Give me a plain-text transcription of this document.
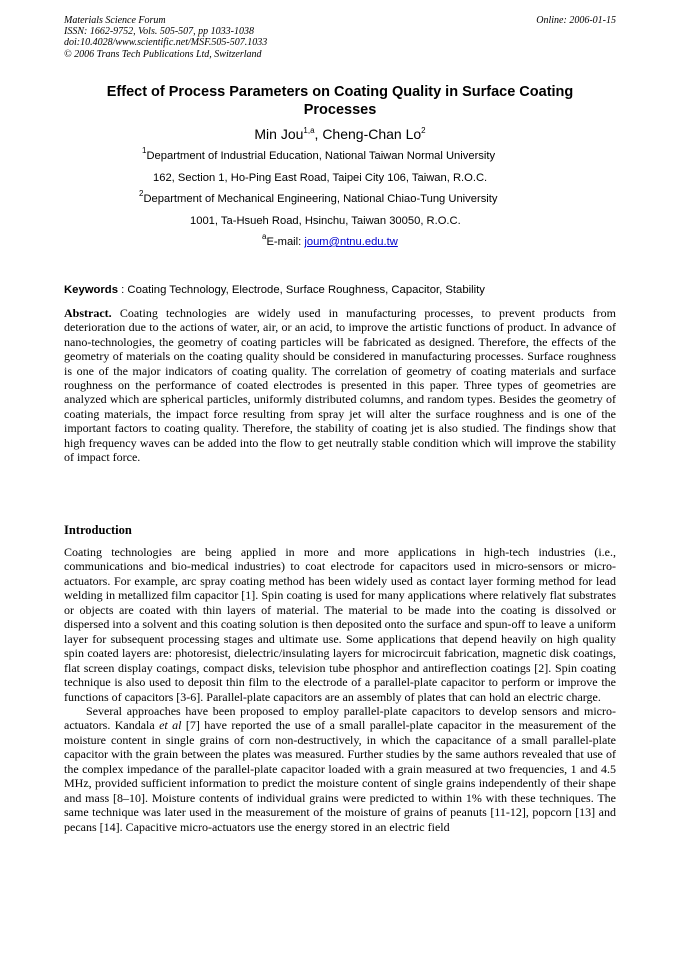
Materials Science Forum
ISSN: 1662-9752, Vols. 505-507, pp 1033-1038
doi:10.4028/www.scientific.net/MSF.505-507.1033
© 2006 Trans Tech Publications Ltd, Switzerland
Online: 2006-01-15
Effect of Process Parameters on Coating Quality in Surface Coating
Processes
Min Jou$^{1,a}$, Cheng-Chan Lo$^2$
$^1$Department of Industrial Education, National Taiwan Normal University
162, Section 1, Ho-Ping East Road, Taipei City 106, Taiwan, R.O.C.
$^2$Department of Mechanical Engineering, National Chiao-Tung University
1001, Ta-Hsueh Road, Hsinchu, Taiwan 30050, R.O.C.
$^a$E-mail: joum@ntnu.edu.tw
Keywords : Coating Technology, Electrode, Surface Roughness, Capacitor, Stability
Abstract. Coating technologies are widely used in manufacturing processes, to prevent products from deterioration due to the actions of water, air, or an acid, to improve the artistic functions of product. In advance of nano-technologies, the geometry of coating particles will be fabricated as designed. Therefore, the effects of the geometry of materials on the coating quality should be considered in manufacturing processes. Surface roughness is one of the major indicators of coating quality. The correlation of geometry of coating materials and surface roughness on the performance of coated electrodes is presented in this paper. Three types of geometries are analyzed which are spherical particles, uniformly distributed columns, and random types. Besides the geometry of coating materials, the impact force resulting from spray jet will alter the surface roughness and is one of the important factors to coating quality. Therefore, the stability of coating jet is also studied. The findings show that high frequency waves can be added into the flow to get neutrally stable condition which will improve the stability of impact force.
Introduction

Coating technologies are being applied in more and more applications in high-tech industries (i.e., communications and bio-medical industries) to coat electrode for capacitors used in micro-sensors or micro-actuators. For example, arc spray coating method has been widely used as contact layer forming method for lead welding in metallized film capacitor [1]. Spin coating is used for many applications where relatively flat substrates or objects are coated with thin layers of material. The material to be made into the coating is dissolved or dispersed into a solvent and this coating solution is then deposited onto the surface and spun-off to leave a uniform layer for subsequent processing stages and ultimate use. Some applications that depend heavily on high quality spin coated layers are: photoresist, dielectric/insulating layers for microcircuit fabrication, magnetic disk coatings, flat screen display coatings, compact disks, television tube phosphor and antireflection coatings [2]. Spin coating technique is also used to deposit thin film to the electrode of a parallel-plate capacitor to perform or improve the functions of capacitors [3-6]. Parallel-plate capacitors are an assembly of plates that can hold an electric charge.

Several approaches have been proposed to employ parallel-plate capacitors to develop sensors and micro-actuators. Kandala et al [7] have reported the use of a small parallel-plate capacitor in the measurement of the moisture content in single grains of corn non-destructively, in which the capacitance of a small parallel-plate capacitor with the grain between the plates was measured. Further studies by the same authors revealed that use of the complex impedance of the parallel-plate capacitor loaded with a grain measured at two frequencies, 1 and 4.5 MHz, provided sufficient information to predict the moisture content of single grains independently of their shape and mass [8–10]. Moisture contents of individual grains were predicted to within 1% with these techniques. The same technique was later used in the measurement of the moisture of grains of peanuts [11-12], popcorn [13] and pecans [14]. Capacitive micro-actuators use the energy stored in an electric field
